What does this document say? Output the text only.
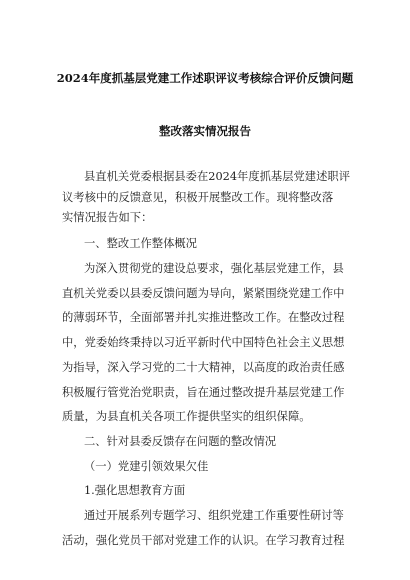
2024年度抓基层党建工作述职评议考核综合评价反馈问题
整改落实情况报告
县直机关党委根据县委在2024年度抓基层党建述职评
议考核中的反馈意见，积极开展整改工作。现将整改落
实情况报告如下：
一、整改工作整体概况
为深入贯彻党的建设总要求，强化基层党建工作，县
直机关党委以县委反馈问题为导向，紧紧围绕党建工作中
的薄弱环节，全面部署并扎实推进整改工作。在整改过程
中，党委始终秉持以习近平新时代中国特色社会主义思想
为指导，深入学习党的二十大精神，以高度的政治责任感
积极履行管党治党职责，旨在通过整改提升基层党建工作
质量，为县直机关各项工作提供坚实的组织保障。
二、针对县委反馈存在问题的整改情况
（一）党建引领效果欠佳
1.强化思想教育方面
通过开展系列专题学习、组织党建工作重要性研讨等
活动，强化党员干部对党建工作的认识。在学习教育过程
